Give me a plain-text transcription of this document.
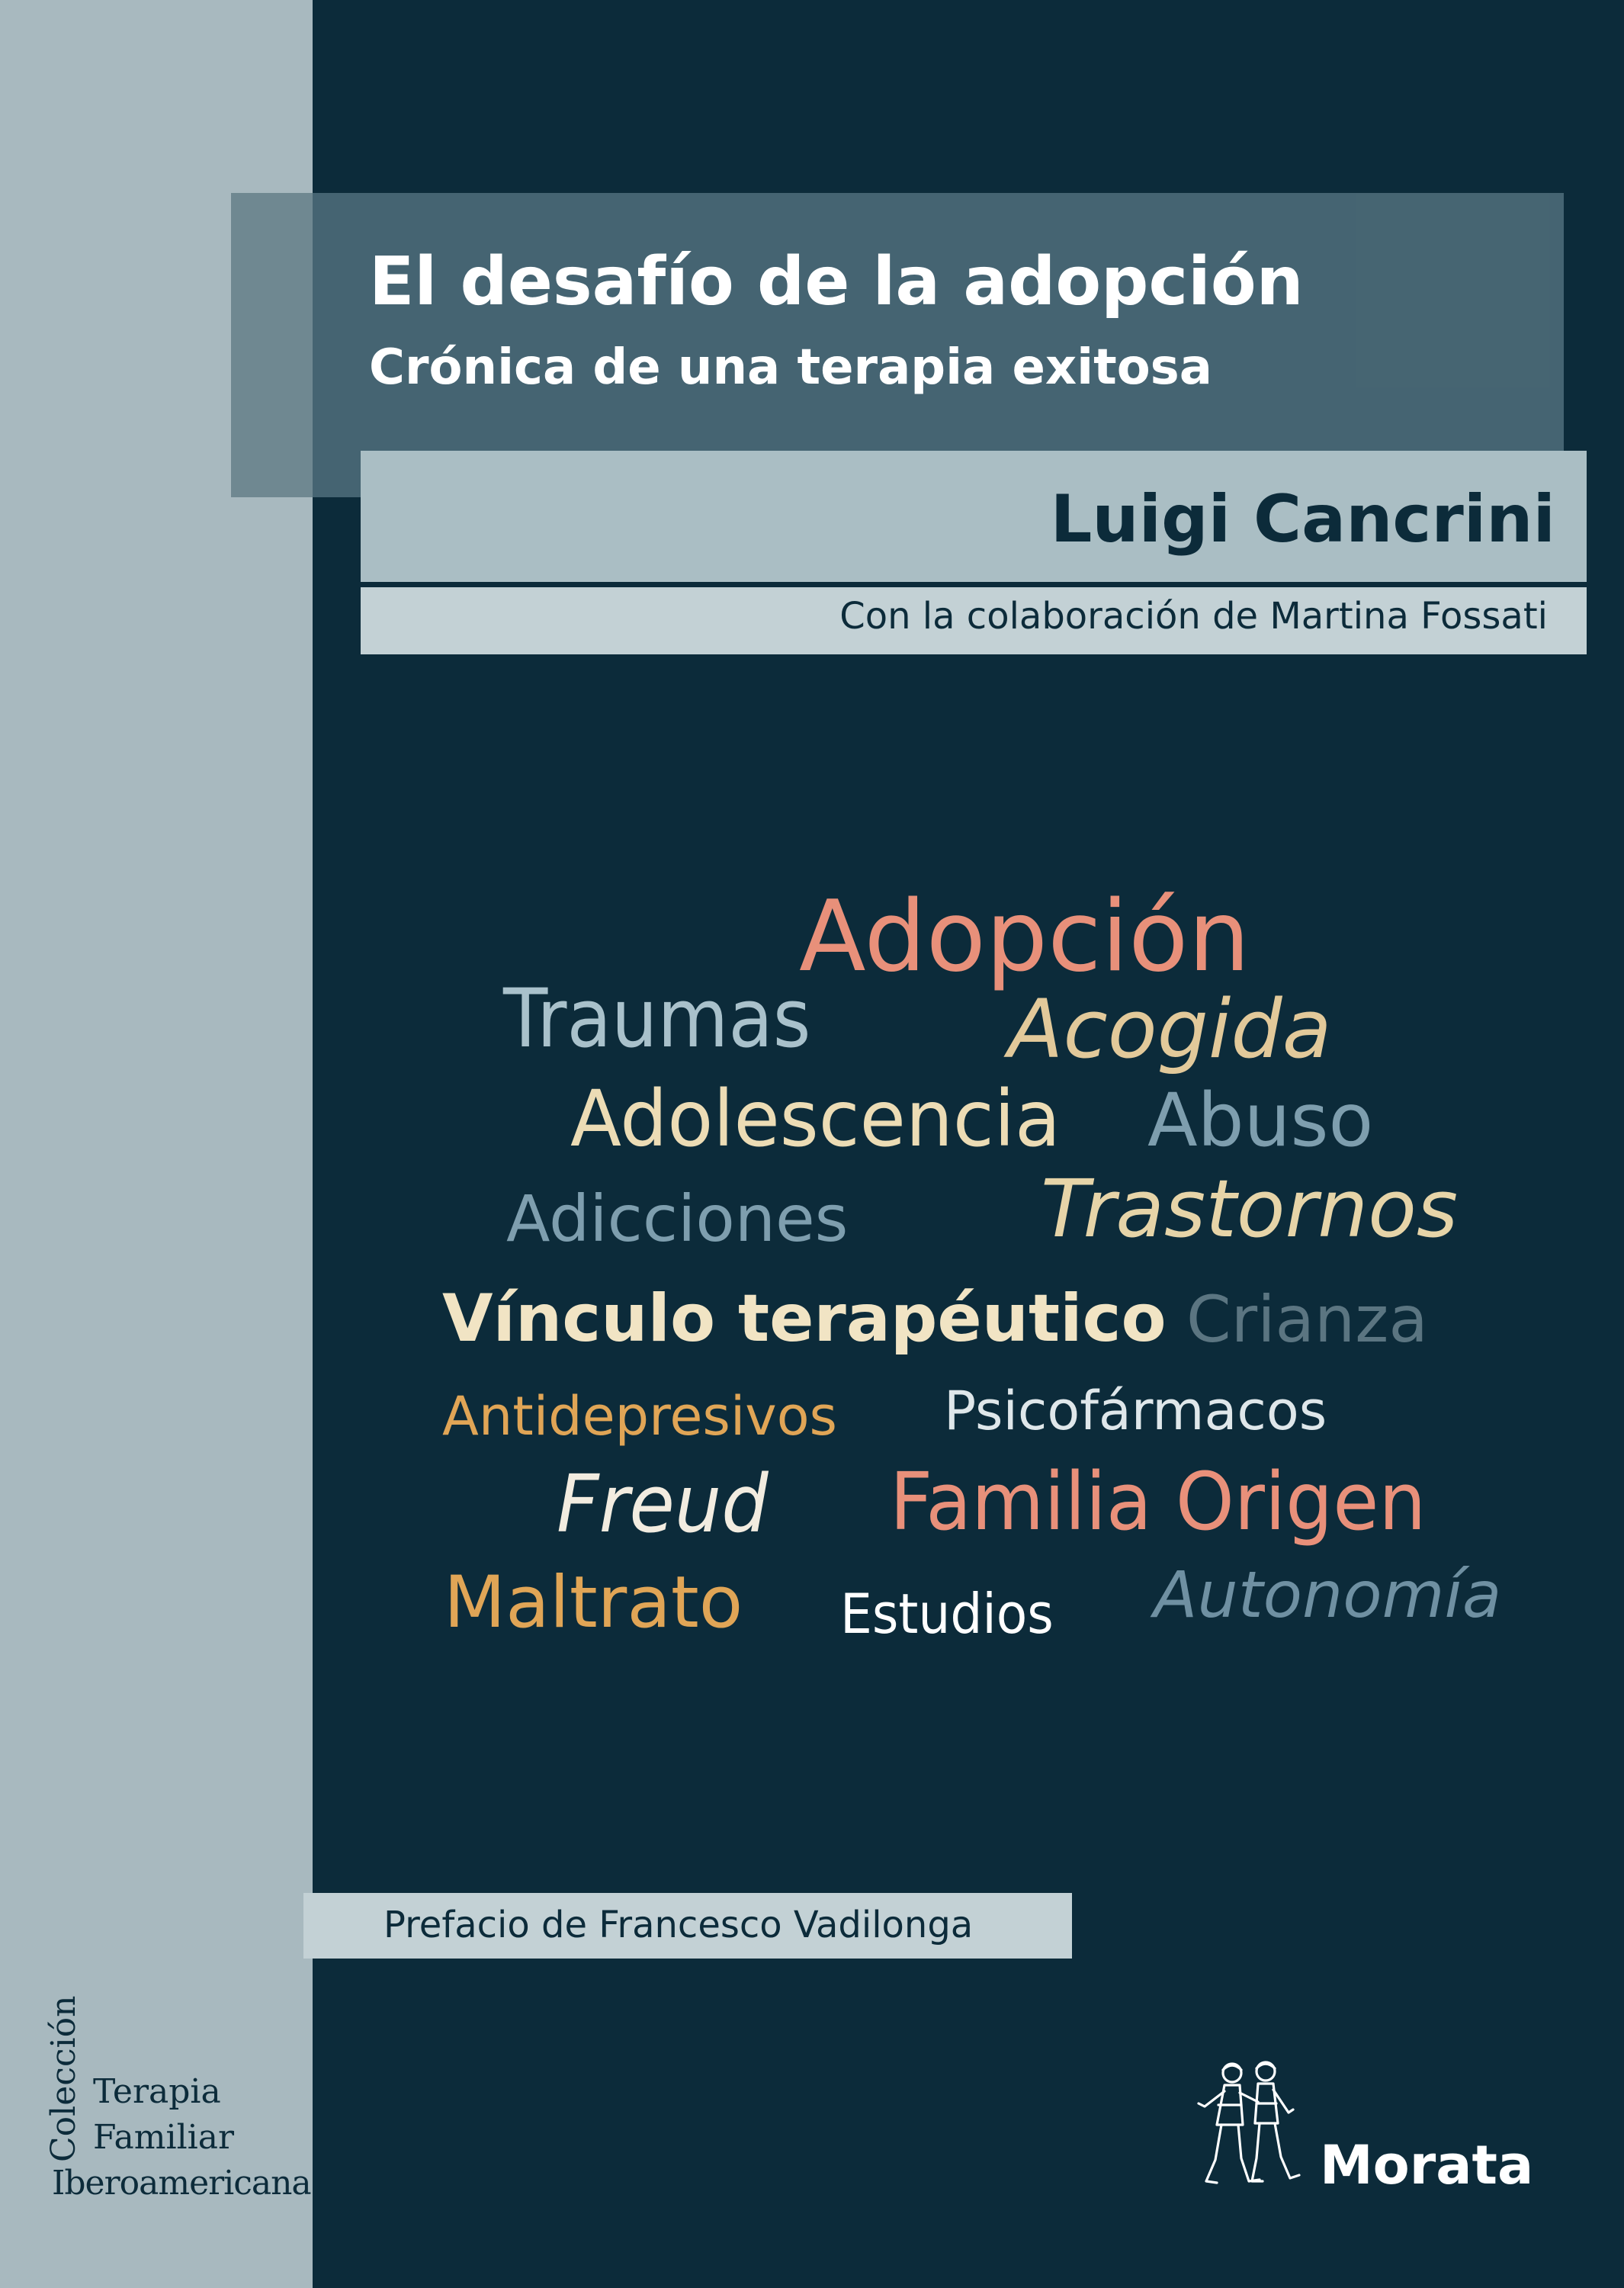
El desafío de la adopción
Crónica de una terapia exitosa
Luigi Cancrini
Con la colaboración de Martina Fossati
Adopción
Traumas Acogida
Adolescencia Abuso
Adicciones Trastornos
Vínculo terapéutico Crianza
Antidepresivos Psicofármacos
Freud Familia Origen
Maltrato Estudios Autonomía
Prefacio de Francesco Vadilonga
Colección Terapia
Familiar
Iberoamericana	Morata
